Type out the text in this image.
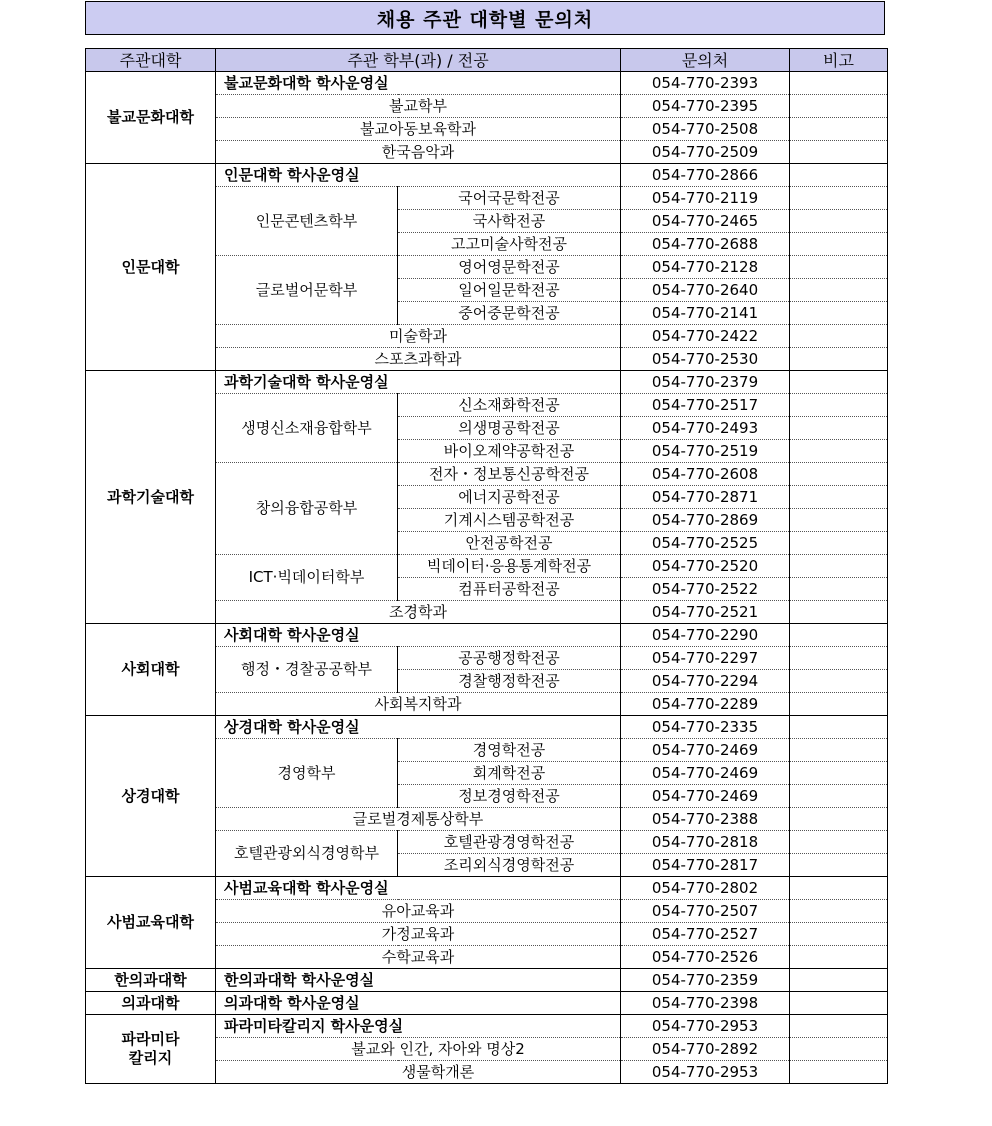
채용 주관 대학별 문의처
주관대학	주관 학부(과) / 전공		문의처	비고
불교문화대학	불교문화대학 학사운영실		054-770-2393	
	불교학부		054-770-2395	
	불교아동보육학과		054-770-2508	
	한국음악과		054-770-2509	
인문대학	인문대학 학사운영실		054-770-2866	
	인문콘텐츠학부	국어국문학전공	054-770-2119	
		국사학전공	054-770-2465	
		고고미술사학전공	054-770-2688	
	글로벌어문학부	영어영문학전공	054-770-2128	
		일어일문학전공	054-770-2640	
		중어중문학전공	054-770-2141	
	미술학과		054-770-2422	
	스포츠과학과		054-770-2530	
과학기술대학	과학기술대학 학사운영실		054-770-2379	
	생명신소재융합학부	신소재화학전공	054-770-2517	
		의생명공학전공	054-770-2493	
		바이오제약공학전공	054-770-2519	
	창의융합공학부	전자・정보통신공학전공	054-770-2608	
		에너지공학전공	054-770-2871	
		기계시스템공학전공	054-770-2869	
		안전공학전공	054-770-2525	
	ICT·빅데이터학부	빅데이터·응용통계학전공	054-770-2520	
		컴퓨터공학전공	054-770-2522	
	조경학과		054-770-2521	
사회대학	사회대학 학사운영실		054-770-2290	
	행정・경찰공공학부	공공행정학전공	054-770-2297	
		경찰행정학전공	054-770-2294	
	사회복지학과		054-770-2289	
상경대학	상경대학 학사운영실		054-770-2335	
	경영학부	경영학전공	054-770-2469	
		회계학전공	054-770-2469	
		정보경영학전공	054-770-2469	
	글로벌경제통상학부		054-770-2388	
	호텔관광외식경영학부	호텔관광경영학전공	054-770-2818	
		조리외식경영학전공	054-770-2817	
사범교육대학	사범교육대학 학사운영실		054-770-2802	
	유아교육과		054-770-2507	
	가정교육과		054-770-2527	
	수학교육과		054-770-2526	
한의과대학	한의과대학 학사운영실		054-770-2359	
의과대학	의과대학 학사운영실		054-770-2398	
파라미타
칼리지	파라미타칼리지 학사운영실		054-770-2953	
	불교와 인간, 자아와 명상2		054-770-2892	
	생물학개론		054-770-2953	
